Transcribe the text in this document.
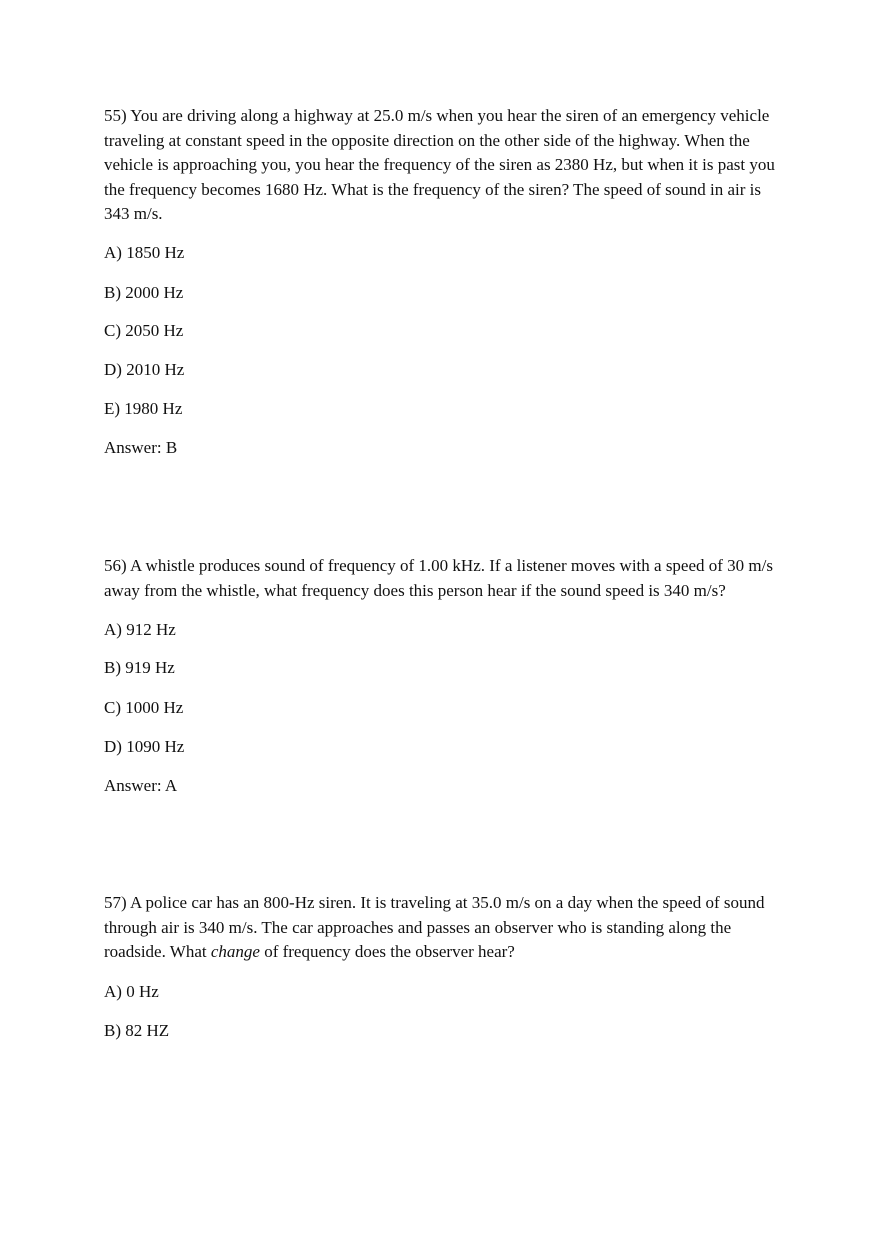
55) You are driving along a highway at 25.0 m/s when you hear the siren of an emergency vehicle traveling at constant speed in the opposite direction on the other side of the highway. When the vehicle is approaching you, you hear the frequency of the siren as 2380 Hz, but when it is past you the frequency becomes 1680 Hz. What is the frequency of the siren? The speed of sound in air is 343 m/s.

A) 1850 Hz
B) 2000 Hz
C) 2050 Hz
D) 2010 Hz
E) 1980 Hz
Answer: B

56) A whistle produces sound of frequency of 1.00 kHz. If a listener moves with a speed of 30 m/s away from the whistle, what frequency does this person hear if the sound speed is 340 m/s?

A) 912 Hz
B) 919 Hz
C) 1000 Hz
D) 1090 Hz
Answer: A

57) A police car has an 800-Hz siren. It is traveling at 35.0 m/s on a day when the speed of sound through air is 340 m/s. The car approaches and passes an observer who is standing along the roadside. What change of frequency does the observer hear?

A) 0 Hz
B) 82 HZ
